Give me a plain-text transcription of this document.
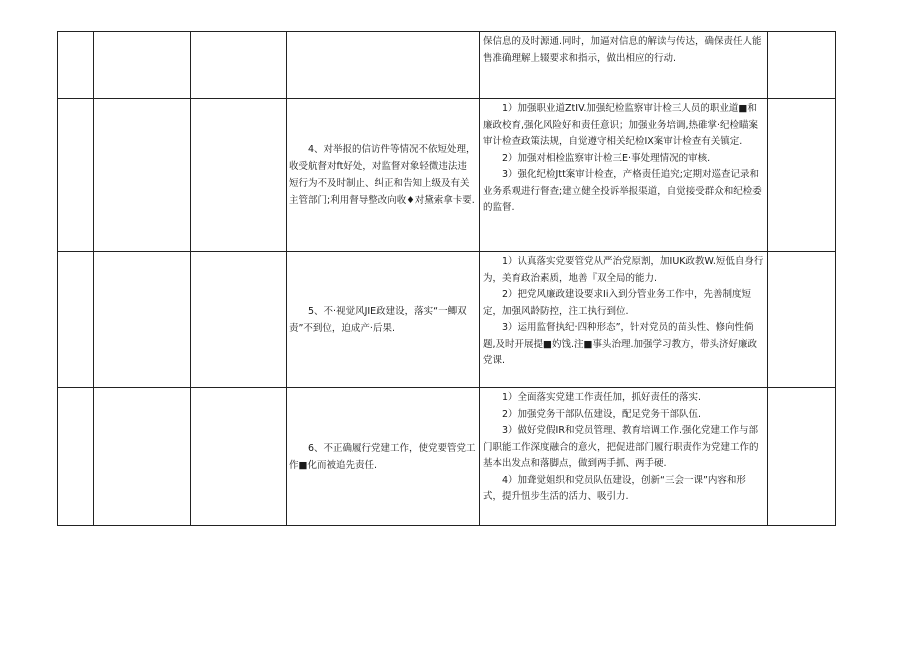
				保信息的及时源通.同时，加逼对信息的解读与传达，确保责任人能售准确理解上辍要求和指示，做出相应的行动.	

			4、对举报的信访件等情况不依短处理，收受航督对ft好处，对监督对象轻微违法违短行为不及时制止、纠正和告知上级及有关主管部门;利用督导整改向收♦对黛索拿卡要.	1）加强职业道ZtIV.加强纪检监察审计检三人员的职业道■和廉政校育,强化风险好和责任意识；加强业务培调,热碓掌·纪检瞄案审计检查政策法规，自觉遵守相关纪检IX案审计检查有关镇定.

2）加强对相检监察审计检三E·事处理情况的审核.

3）强化纪检Jtt案审计检查，产格责任追究;定期对巡查记录和业务系观进行督查;建立健全投诉举报渠道，自觉接受群众和纪检委的监督.	

			5、不·视觉风JIE政建设，落实“一鲫双责”不到位，迫成产·后果.	1）认真落实党要管党从严治党原割，加IUK政教W.短低自身行为，美育政治素质，地善『双全局的能力.

2）把党风廉政建设要求Ii入到分管业务工作中，先善制度短定，加强风龄防控，注工执行到位.

3）运用监督执纪·四种形态”，针对党员的苗头性、修向性倘题,及时开展提■妁饯.注■事头治理.加强学习教方，带头济好廉政党课.	

			6、不正确履行党建工作，使党要管党工作■化而被追先责任.	1）全面落实党建工作责任加，抓好责任的落实.

2）加强党务干部队伍建设，配足党务干部队伍.

3）做好党假IR和党员管理、教育培调工作.强化党建工作与部门职能工作深度融合的意火，把促进部门履行职责作为党建工作的基本出发点和落脚点，做到两手抓、两手硬.

4）加聋觉姐织和党员队伍建设，创新“三会一课”内容和形式，提升忸步生活的活力、吸引力.	
